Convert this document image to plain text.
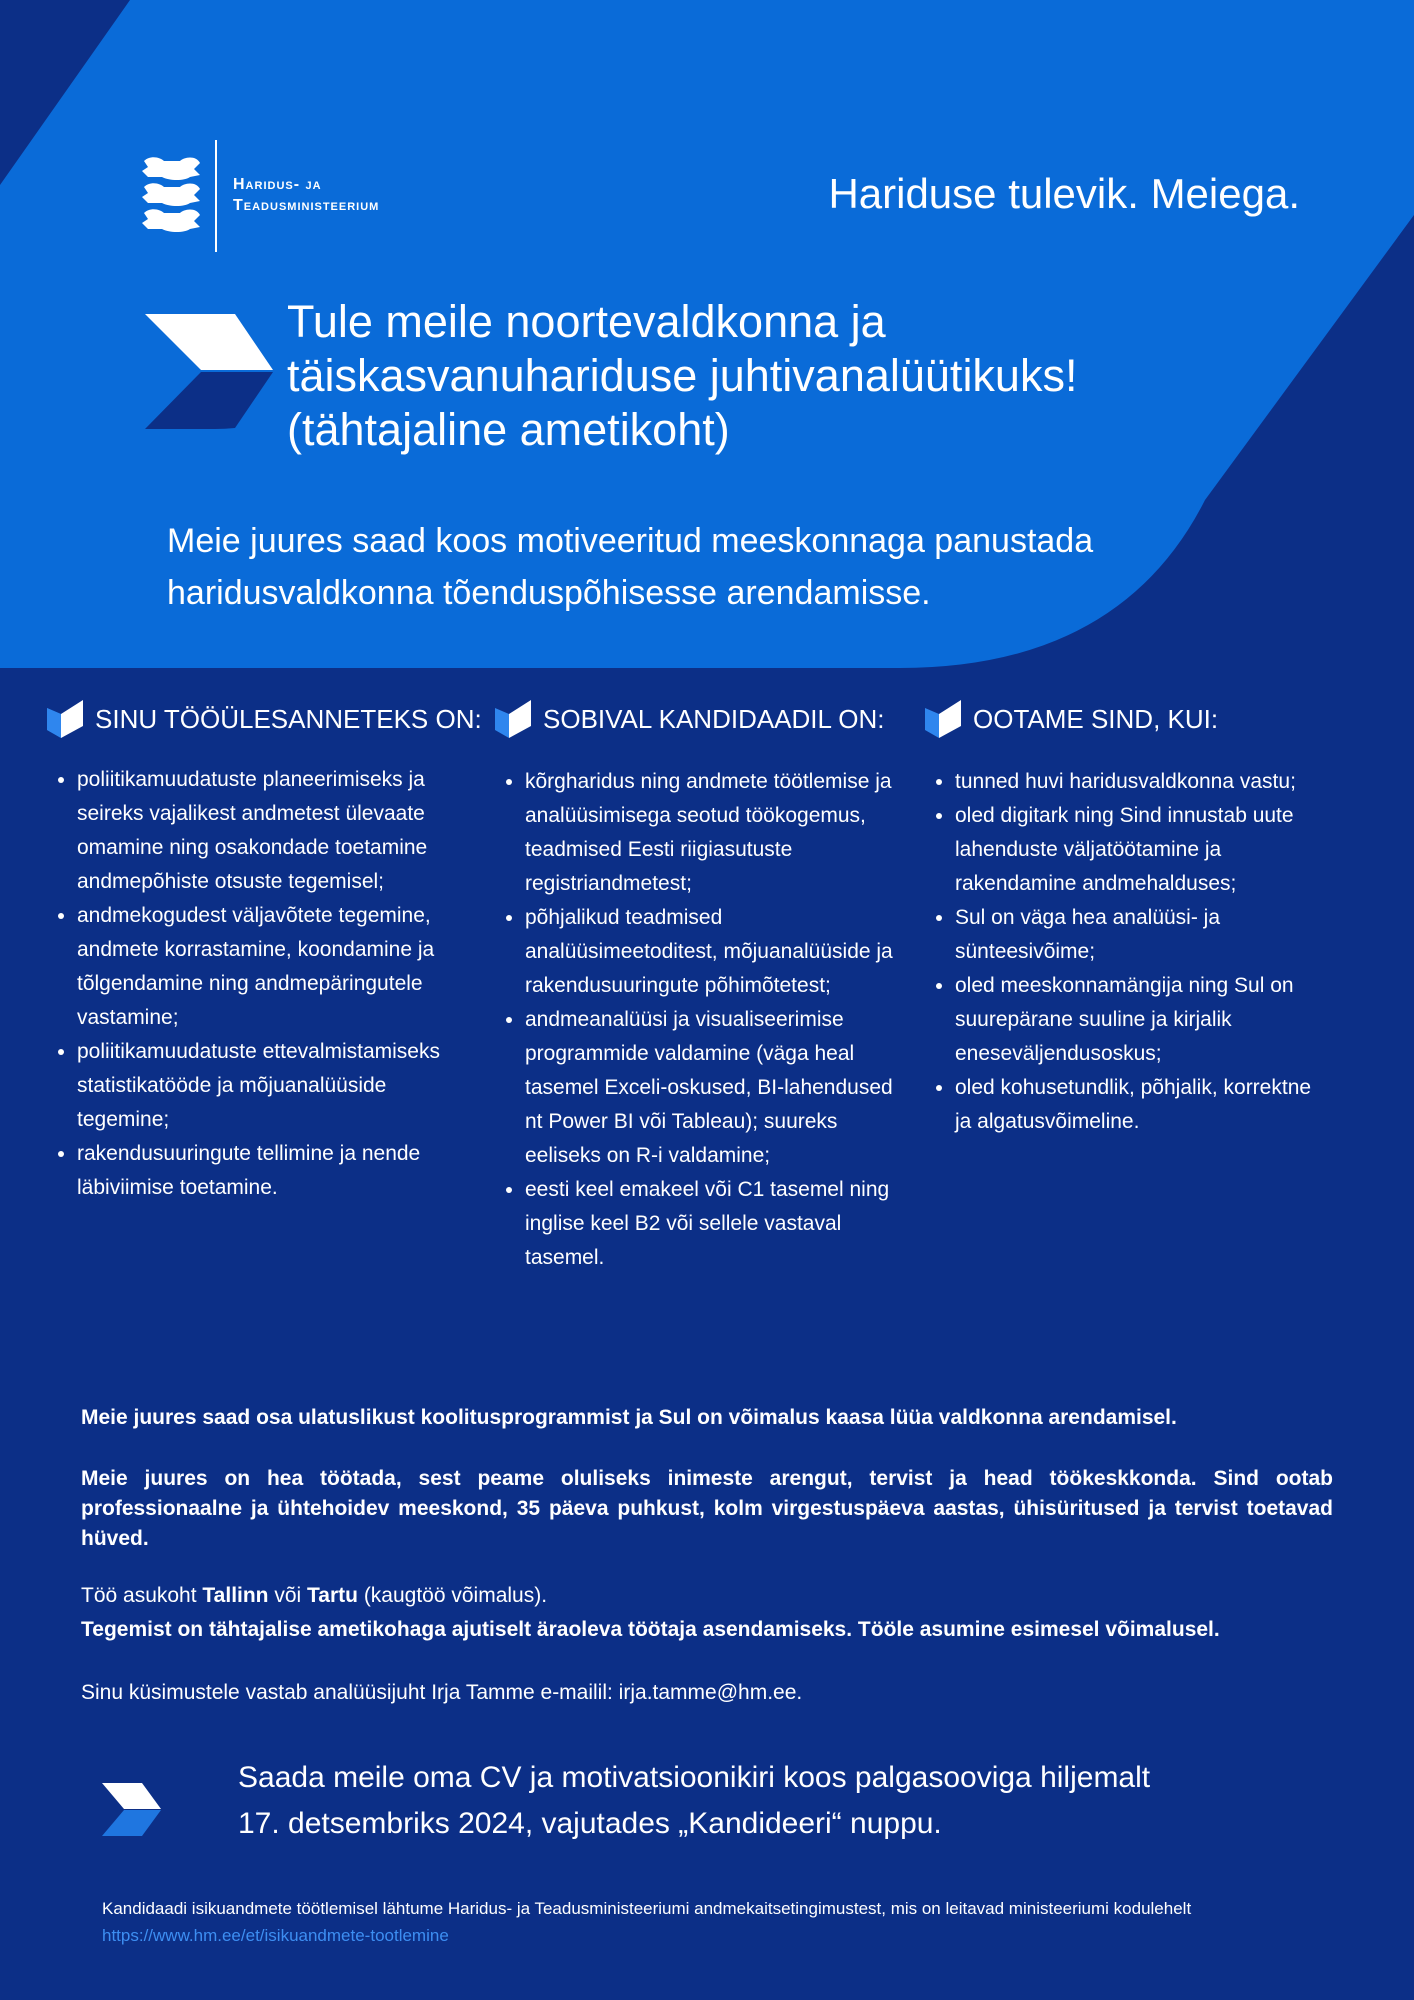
Haridus- ja
Teadusministeerium	Hariduse tulevik. Meiega.
Tule meile noortevaldkonna ja
täiskasvanuhariduse juhtivanalüütikuks!
(tähtajaline ametikoht)
Meie juures saad koos motiveeritud meeskonnaga panustada
haridusvaldkonna tõenduspõhisesse arendamisse.
SINU TÖÖÜLESANNETEKS ON:
• poliitikamuudatuste planeerimiseks ja seireks vajalikest andmetest ülevaate omamine ning osakondade toetamine andmepõhiste otsuste tegemisel;
• andmekogudest väljavõtete tegemine, andmete korrastamine, koondamine ja tõlgendamine ning andmepäringutele vastamine;
• poliitikamuudatuste ettevalmistamiseks statistikatööde ja mõjuanalüüside tegemine;
• rakendusuuringute tellimine ja nende läbiviimise toetamine.
SOBIVAL KANDIDAADIL ON:
• kõrgharidus ning andmete töötlemise ja analüüsimisega seotud töökogemus, teadmised Eesti riigiasutuste registriandmetest;
• põhjalikud teadmised analüüsimeetoditest, mõjuanalüüside ja rakendusuuringute põhimõtetest;
• andmeanalüüsi ja visualiseerimise programmide valdamine (väga heal tasemel Exceli-oskused, BI-lahendused nt Power BI või Tableau); suureks eeliseks on R-i valdamine;
• eesti keel emakeel või C1 tasemel ning inglise keel B2 või sellele vastaval tasemel.
OOTAME SIND, KUI:
• tunned huvi haridusvaldkonna vastu;
• oled digitark ning Sind innustab uute lahenduste väljatöötamine ja rakendamine andmehalduses;
• Sul on väga hea analüüsi- ja sünteesivõime;
• oled meeskonnamängija ning Sul on suurepärane suuline ja kirjalik eneseväljendusoskus;
• oled kohusetundlik, põhjalik, korrektne ja algatusvõimeline.

Meie juures saad osa ulatuslikust koolitusprogrammist ja Sul on võimalus kaasa lüüa valdkonna arendamisel.

Meie juures on hea töötada, sest peame oluliseks inimeste arengut, tervist ja head töökeskkonda. Sind ootab professionaalne ja ühtehoidev meeskond, 35 päeva puhkust, kolm virgestuspäeva aastas, ühisüritused ja tervist toetavad hüved.

Töö asukoht Tallinn või Tartu (kaugtöö võimalus).
Tegemist on tähtajalise ametikohaga ajutiselt äraoleva töötaja asendamiseks. Tööle asumine esimesel võimalusel.

Sinu küsimustele vastab analüüsijuht Irja Tamme e-mailil: irja.tamme@hm.ee.

Saada meile oma CV ja motivatsioonikiri koos palgasooviga hiljemalt
17. detsembriks 2024, vajutades „Kandideeri“ nuppu.

Kandidaadi isikuandmete töötlemisel lähtume Haridus- ja Teadusministeeriumi andmekaitsetingimustest, mis on leitavad ministeeriumi kodulehelt https://www.hm.ee/et/isikuandmete-tootlemine
